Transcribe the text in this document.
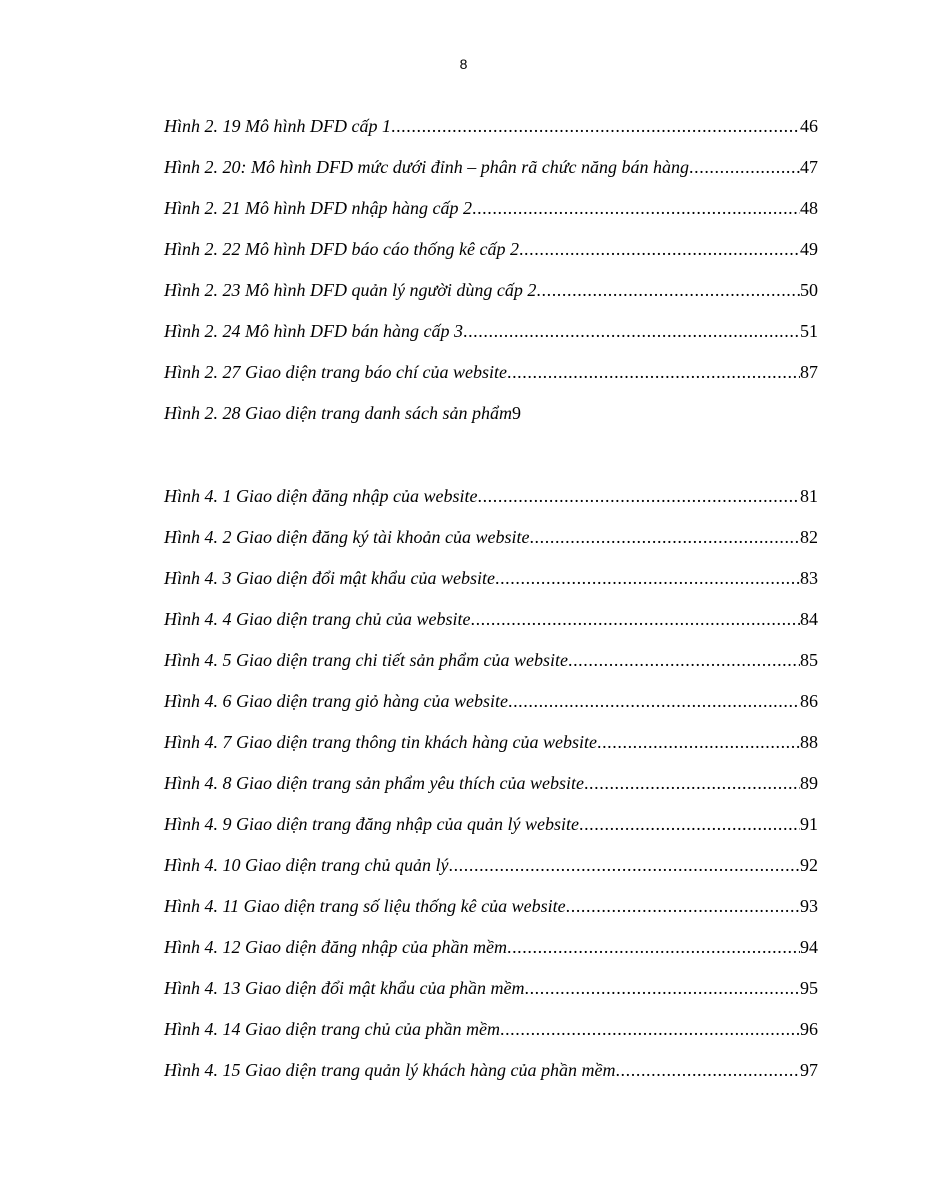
8
Hình 2. 19 Mô hình DFD cấp 1 .....	46
Hình 2. 20: Mô hình DFD mức dưới đỉnh – phân rã chức năng bán hàng .....	47
Hình 2. 21 Mô hình DFD nhập hàng cấp 2 .....	48
Hình 2. 22 Mô hình DFD báo cáo thống kê cấp 2 .....	49
Hình 2. 23 Mô hình DFD quản lý người dùng cấp 2 .....	50
Hình 2. 24 Mô hình DFD bán hàng cấp 3 .....	51
Hình 2. 27 Giao diện trang báo chí của website .....	87
Hình 2. 28 Giao diện trang danh sách sản phẩm 9
Hình 4. 1 Giao diện đăng nhập của website .....	81
Hình 4. 2 Giao diện đăng ký tài khoản của website .....	82
Hình 4. 3 Giao diện đổi mật khẩu của website .....	83
Hình 4. 4 Giao diện trang chủ của website .....	84
Hình 4. 5 Giao diện trang chi tiết sản phẩm của website .....	85
Hình 4. 6 Giao diện trang giỏ hàng của website .....	86
Hình 4. 7 Giao diện trang thông tin khách hàng của website .....	88
Hình 4. 8 Giao diện trang sản phẩm yêu thích của website .....	89
Hình 4. 9 Giao diện trang đăng nhập của quản lý website .....	91
Hình 4. 10 Giao diện trang chủ quản lý .....	92
Hình 4. 11 Giao diện trang số liệu thống kê của website .....	93
Hình 4. 12 Giao diện đăng nhập của phần mềm .....	94
Hình 4. 13 Giao diện đổi mật khẩu của phần mềm .....	95
Hình 4. 14 Giao diện trang chủ của phần mềm .....	96
Hình 4. 15 Giao diện trang quản lý khách hàng của phần mềm .....	97
